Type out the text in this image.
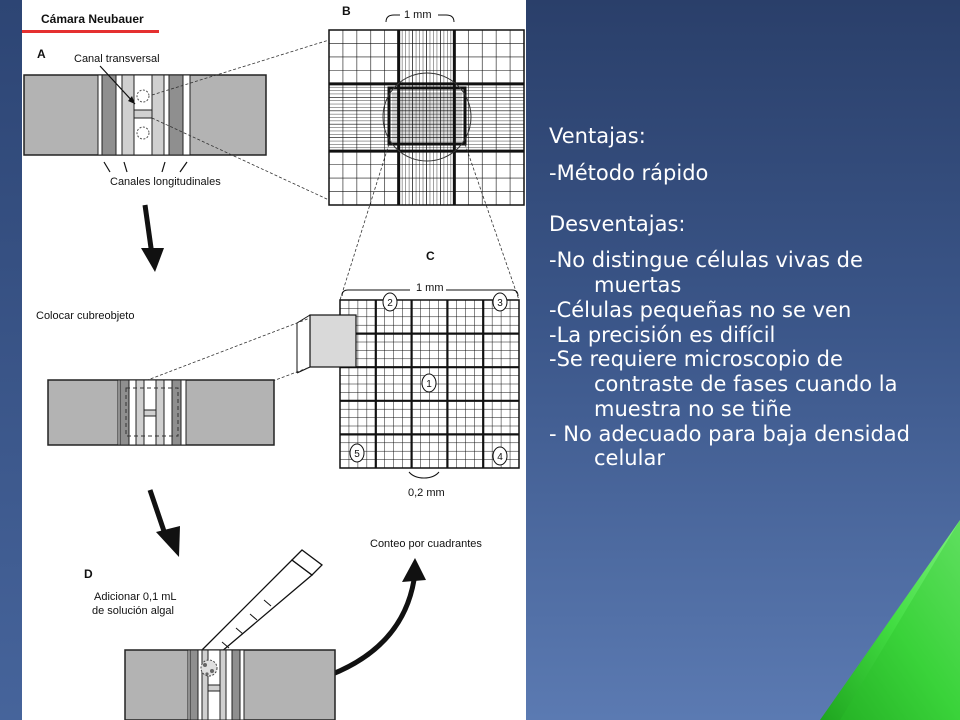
Cámara Neubauer
A
B
C
D
Canal transversal
Canales longitudinales
1 mm
1 mm
2	3
1
5	4
0,2 mm
Colocar cubreobjeto
Conteo por cuadrantes
Adicionar 0,1 mL
de solución algal

Ventajas:

-Método rápido

Desventajas:

-No distingue células vivas de muertas

-Células pequeñas no se ven

-La precisión es difícil

-Se requiere microscopio de contraste de fases cuando la muestra no se tiñe

- No adecuado para baja densidad celular
